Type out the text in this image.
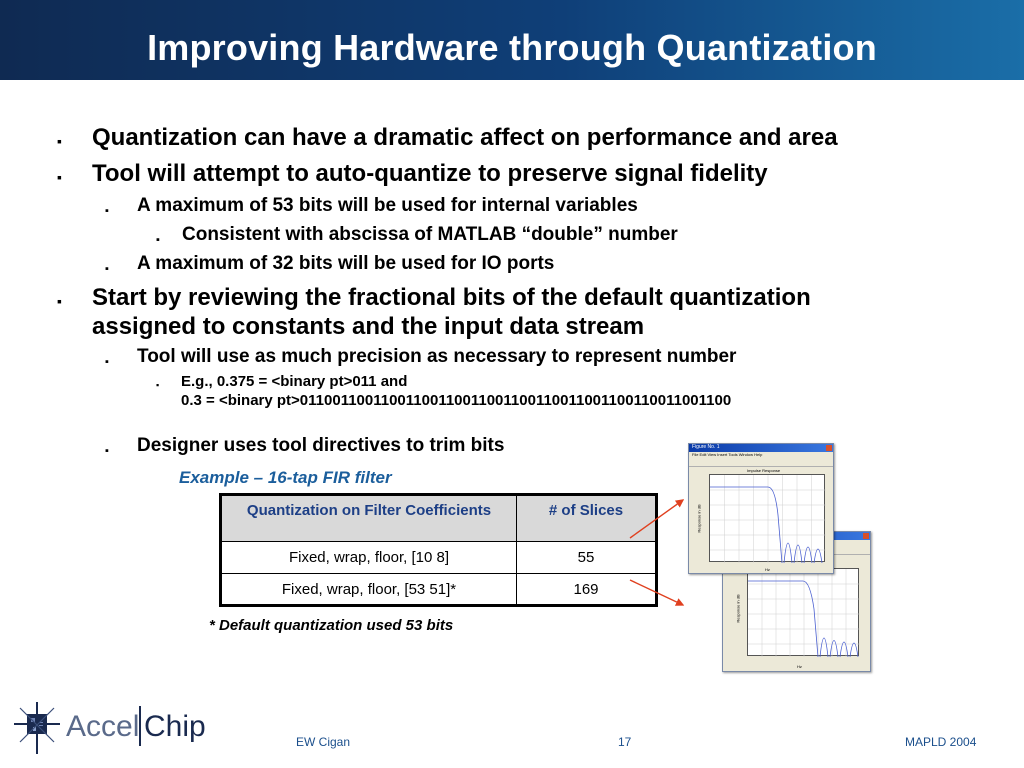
Improving Hardware through Quantization
▪ Quantization can have a dramatic affect on performance and area
▪ Tool will attempt to auto-quantize to preserve signal fidelity
▪ A maximum of 53 bits will be used for internal variables
▪ Consistent with abscissa of MATLAB “double” number
▪ A maximum of 32 bits will be used for IO ports
▪ Start by reviewing the fractional bits of the default quantization
assigned to constants and the input data stream
▪ Tool will use as much precision as necessary to represent number
▪ E.g., 0.375 = <binary pt>011 and
0.3 = <binary pt>01100110011001100110011001100110011001100110011001100
▪ Designer uses tool directives to trim bits
Example – 16-tap FIR filter
Quantization on Filter Coefficients	# of Slices
Fixed, wrap, floor, [10 8]	55
Fixed, wrap, floor, [53 51]*	169
* Default quantization used 53 bits
Response in dB
Hz
Figure No. 1
File Edit View Insert Tools Window Help
Impulse Response
Response in dB
Hz
Accel Chip	EW Cigan	17	MAPLD 2004
